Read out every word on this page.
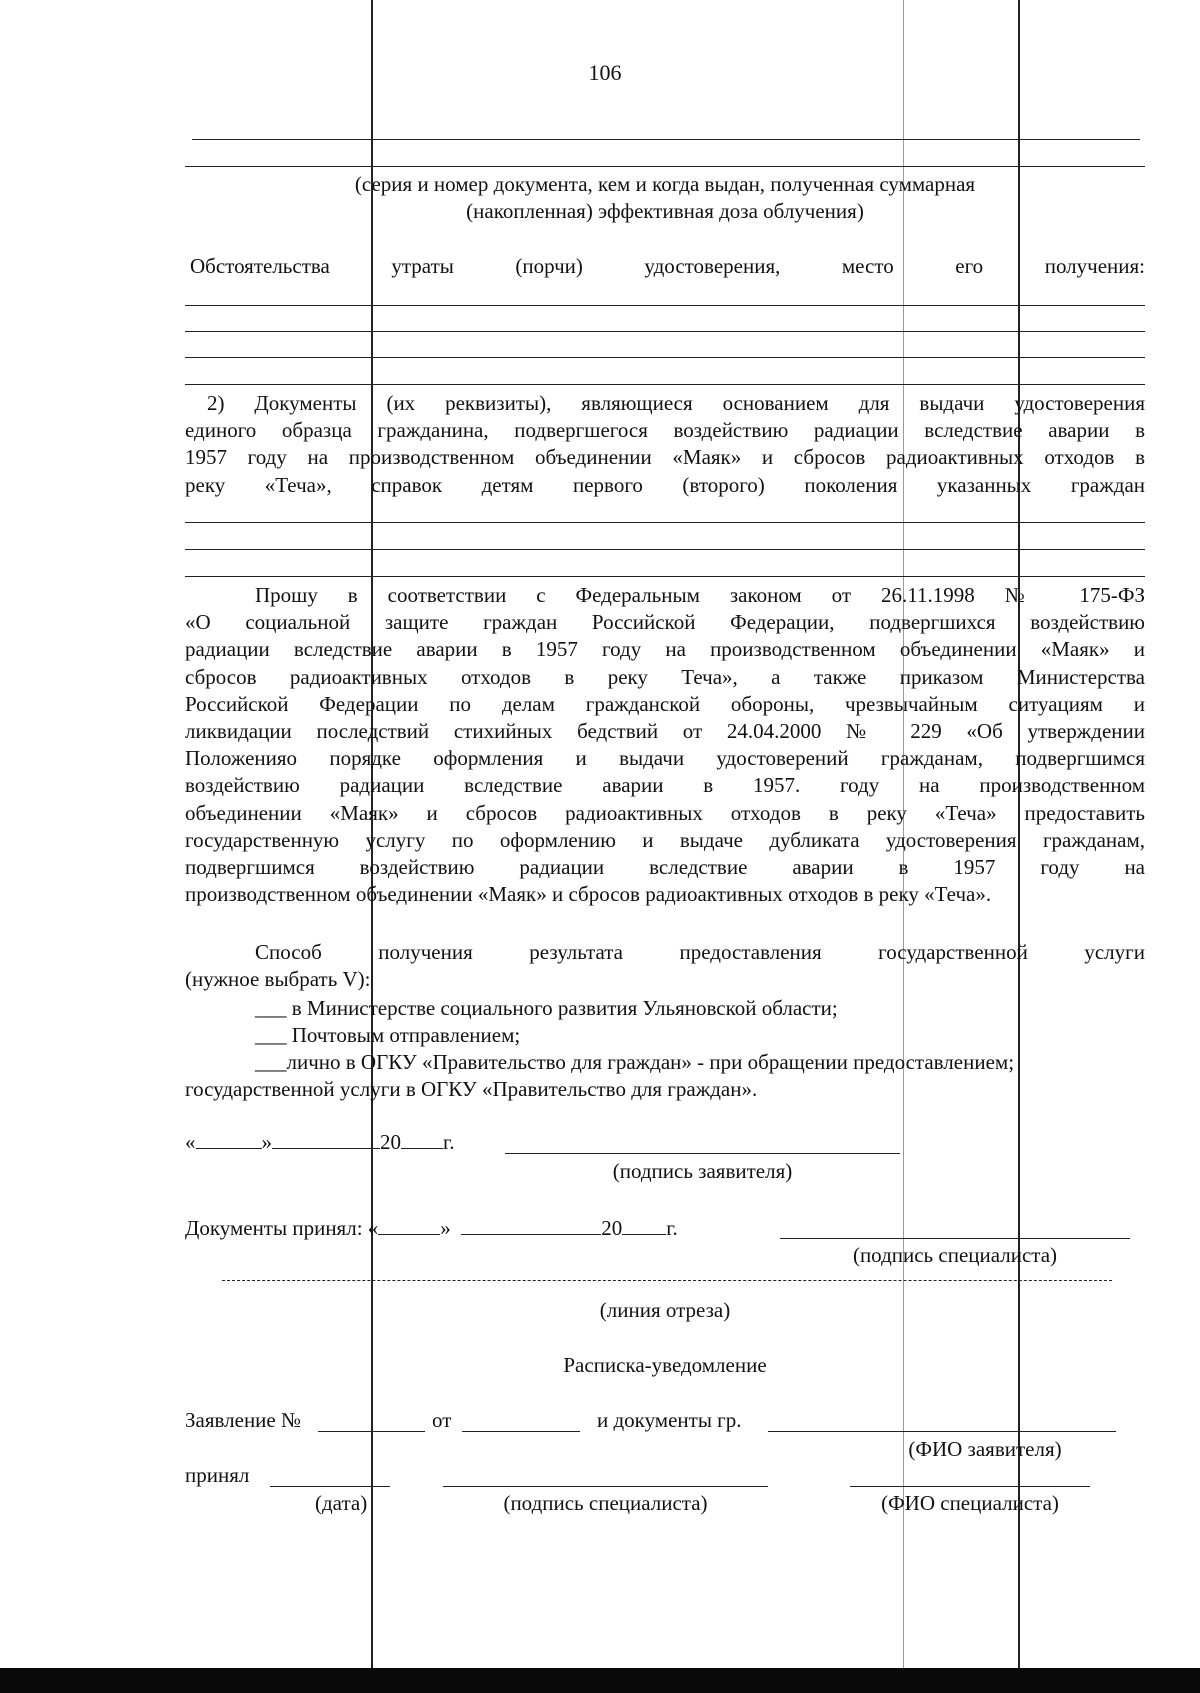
106
(серия и номер документа, кем и когда выдан, полученная суммарная
(накопленная) эффективная доза облучения)
Обстоятельства утраты (порчи) удостоверения, место его получения:
2) Документы (их реквизиты), являющиеся основанием для выдачи удостоверения
единого образца гражданина, подвергшегося воздействию радиации вследствие аварии в
1957 году на производственном объединении «Маяк» и сбросов радиоактивных отходов в
реку «Теча», справок детям первого (второго) поколения указанных граждан
Прошу в соответствии с Федеральным законом от 26.11.1998 № 175-ФЗ
«О социальной защите граждан Российской Федерации, подвергшихся воздействию
радиации вследствие аварии в 1957 году на производственном объединении «Маяк» и
сбросов радиоактивных отходов в реку Теча», а также приказом Министерства
Российской Федерации по делам гражданской обороны, чрезвычайным ситуациям и
ликвидации последствий стихийных бедствий от 24.04.2000 № 229 «Об утверждении
Положенияо порядке оформления и выдачи удостоверений гражданам, подвергшимся
воздействию радиации вследствие аварии в 1957. году на производственном
объединении «Маяк» и сбросов радиоактивных отходов в реку «Теча» предоставить
государственную услугу по оформлению и выдаче дубликата удостоверения гражданам,
подвергшимся воздействию радиации вследствие аварии в 1957 году на
производственном объединении «Маяк» и сбросов радиоактивных отходов в реку «Теча».
Способ получения результата предоставления государственной услуги
(нужное выбрать V):
___ в Министерстве социального развития Ульяновской области;
___ Почтовым отправлением;
___лично в ОГКУ «Правительство для граждан» - при обращении предоставлением;
государственной услуги в ОГКУ «Правительство для граждан».
«	»	20 г.
(подпись заявителя)
Документы принял: «	»	20 г.
(подпись специалиста)
(линия отреза)
Расписка-уведомление
Заявление №	от	и документы гр.
(ФИО заявителя)
принял
(дата)	(подпись специалиста)	(ФИО специалиста)
